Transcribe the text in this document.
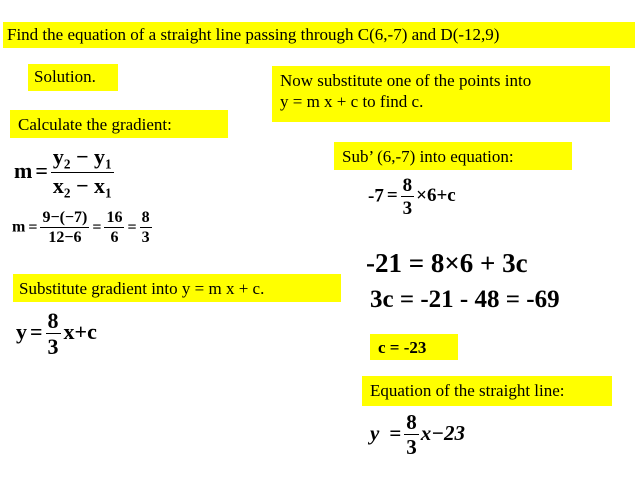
Find the equation of a straight line passing through C(6,-7) and D(-12,9)
Solution.
Calculate the gradient:
$m = \frac{y_2 - y_1}{x_2 - x_1}$
$m = \frac{9-(-7)}{12-6} = \frac{16}{6} = \frac{8}{3}$
Substitute gradient into y = m x + c.
$y = \frac{8}{3} x+c$
Now substitute one of the points into
y = m x + c to find c.
Sub’ (6,-7) into equation:
$-7 = \frac{8}{3} \times 6+c$
-21 = 8×6 + 3c
3c = -21 - 48 = -69
c = -23
Equation of the straight line:
$y = \frac{8}{3} x-23$
